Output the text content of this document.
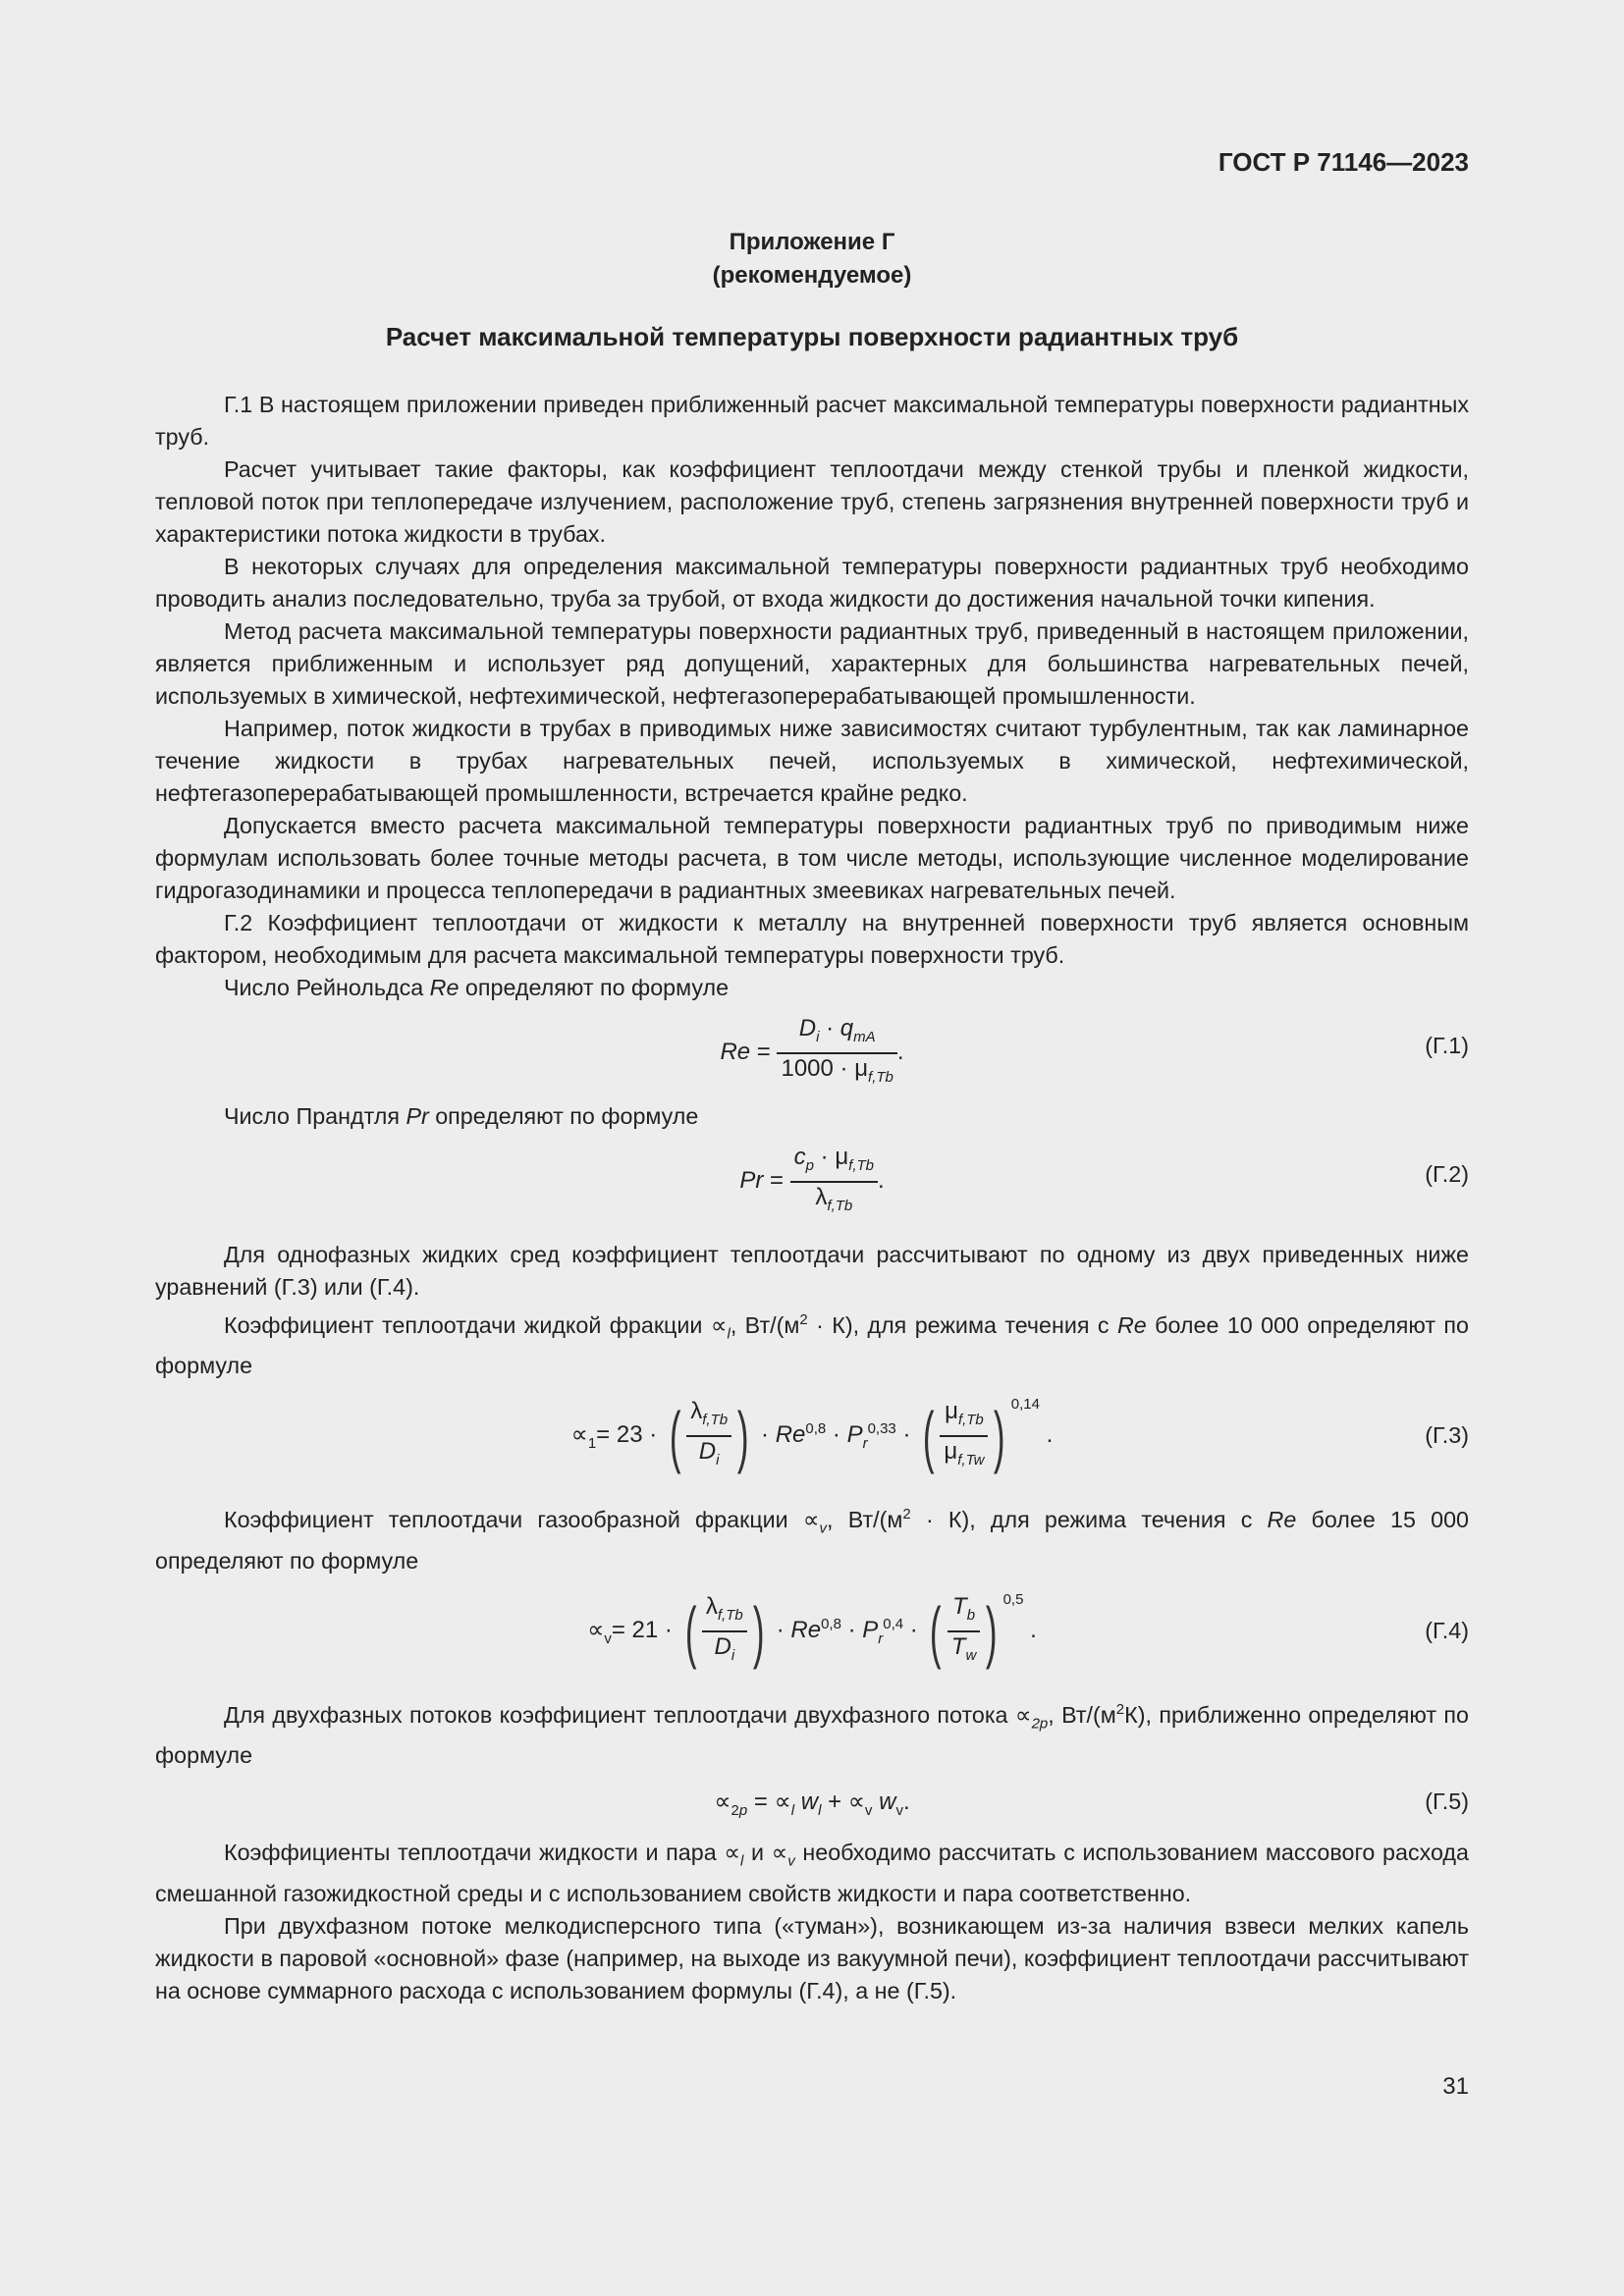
ГОСТ Р 71146—2023
Приложение Г
(рекомендуемое)
Расчет максимальной температуры поверхности радиантных труб

Г.1 В настоящем приложении приведен приближенный расчет максимальной температуры поверхности радиантных труб.

Расчет учитывает такие факторы, как коэффициент теплоотдачи между стенкой трубы и пленкой жидкости, тепловой поток при теплопередаче излучением, расположение труб, степень загрязнения внутренней поверхности труб и характеристики потока жидкости в трубах.

В некоторых случаях для определения максимальной температуры поверхности радиантных труб необходимо проводить анализ последовательно, труба за трубой, от входа жидкости до достижения начальной точки кипения.

Метод расчета максимальной температуры поверхности радиантных труб, приведенный в настоящем приложении, является приближенным и использует ряд допущений, характерных для большинства нагревательных печей, используемых в химической, нефтехимической, нефтегазоперерабатывающей промышленности.

Например, поток жидкости в трубах в приводимых ниже зависимостях считают турбулентным, так как ламинарное течение жидкости в трубах нагревательных печей, используемых в химической, нефтехимической, нефтегазоперерабатывающей промышленности, встречается крайне редко.

Допускается вместо расчета максимальной температуры поверхности радиантных труб по приводимым ниже формулам использовать более точные методы расчета, в том числе методы, использующие численное моделирование гидрогазодинамики и процесса теплопередачи в радиантных змеевиках нагревательных печей.

Г.2 Коэффициент теплоотдачи от жидкости к металлу на внутренней поверхности труб является основным фактором, необходимым для расчета максимальной температуры поверхности труб.

Число Рейнольдса Re определяют по формуле

$Re = \frac{D_i \cdot q_{mA}}{1000 \cdot \mu_{f,Tb}}$ .	(Г.1)

Число Прандтля Pr определяют по формуле

$Pr = \frac{c_p \cdot \mu_{f,Tb}}{\lambda_{f,Tb}}$ .	(Г.2)

Для однофазных жидких сред коэффициент теплоотдачи рассчитывают по одному из двух приведенных ниже уравнений (Г.3) или (Г.4).

Коэффициент теплоотдачи жидкой фракции $\propto_l$, $Вт/(м^2 \cdot К)$, для режима течения с Re более 10 000 определяют по формуле

$\propto_1= 23$ · ( $\frac{\lambda_{f,Tb}}{D_i}$ ) · $Re^{0,8} \cdot P_r^{0,33}$ · ( $\frac{\mu_{f,Tb}}{\mu_{f,Tw}}$ ) $^{0,14}$ .	(Г.3)

Коэффициент теплоотдачи газообразной фракции $\propto_v$, $Вт/(м^2 \cdot К)$, для режима течения с Re более 15 000 определяют по формуле

$\propto_v= 21$ · ( $\frac{\lambda_{f,Tb}}{D_i}$ ) · $Re^{0,8} \cdot P_r^{0,4}$ · ( $\frac{T_b}{T_w}$ ) $^{0,5}$ .	(Г.4)

Для двухфазных потоков коэффициент теплоотдачи двухфазного потока $\propto_{2p}$, $Вт/(м^2К)$, приближенно определяют по формуле

$\propto_{2p} = \propto_l$ $w_l + \propto_v$ $w_v$.	(Г.5)

Коэффициенты теплоотдачи жидкости и пара $\propto_l$ $и \propto_v$ необходимо рассчитать с использованием массового расхода смешанной газожидкостной среды и с использованием свойств жидкости и пара соответственно.

При двухфазном потоке мелкодисперсного типа («туман»), возникающем из-за наличия взвеси мелких капель жидкости в паровой «основной» фазе (например, на выходе из вакуумной печи), коэффициент теплоотдачи рассчитывают на основе суммарного расхода с использованием формулы (Г.4), а не (Г.5).

31
